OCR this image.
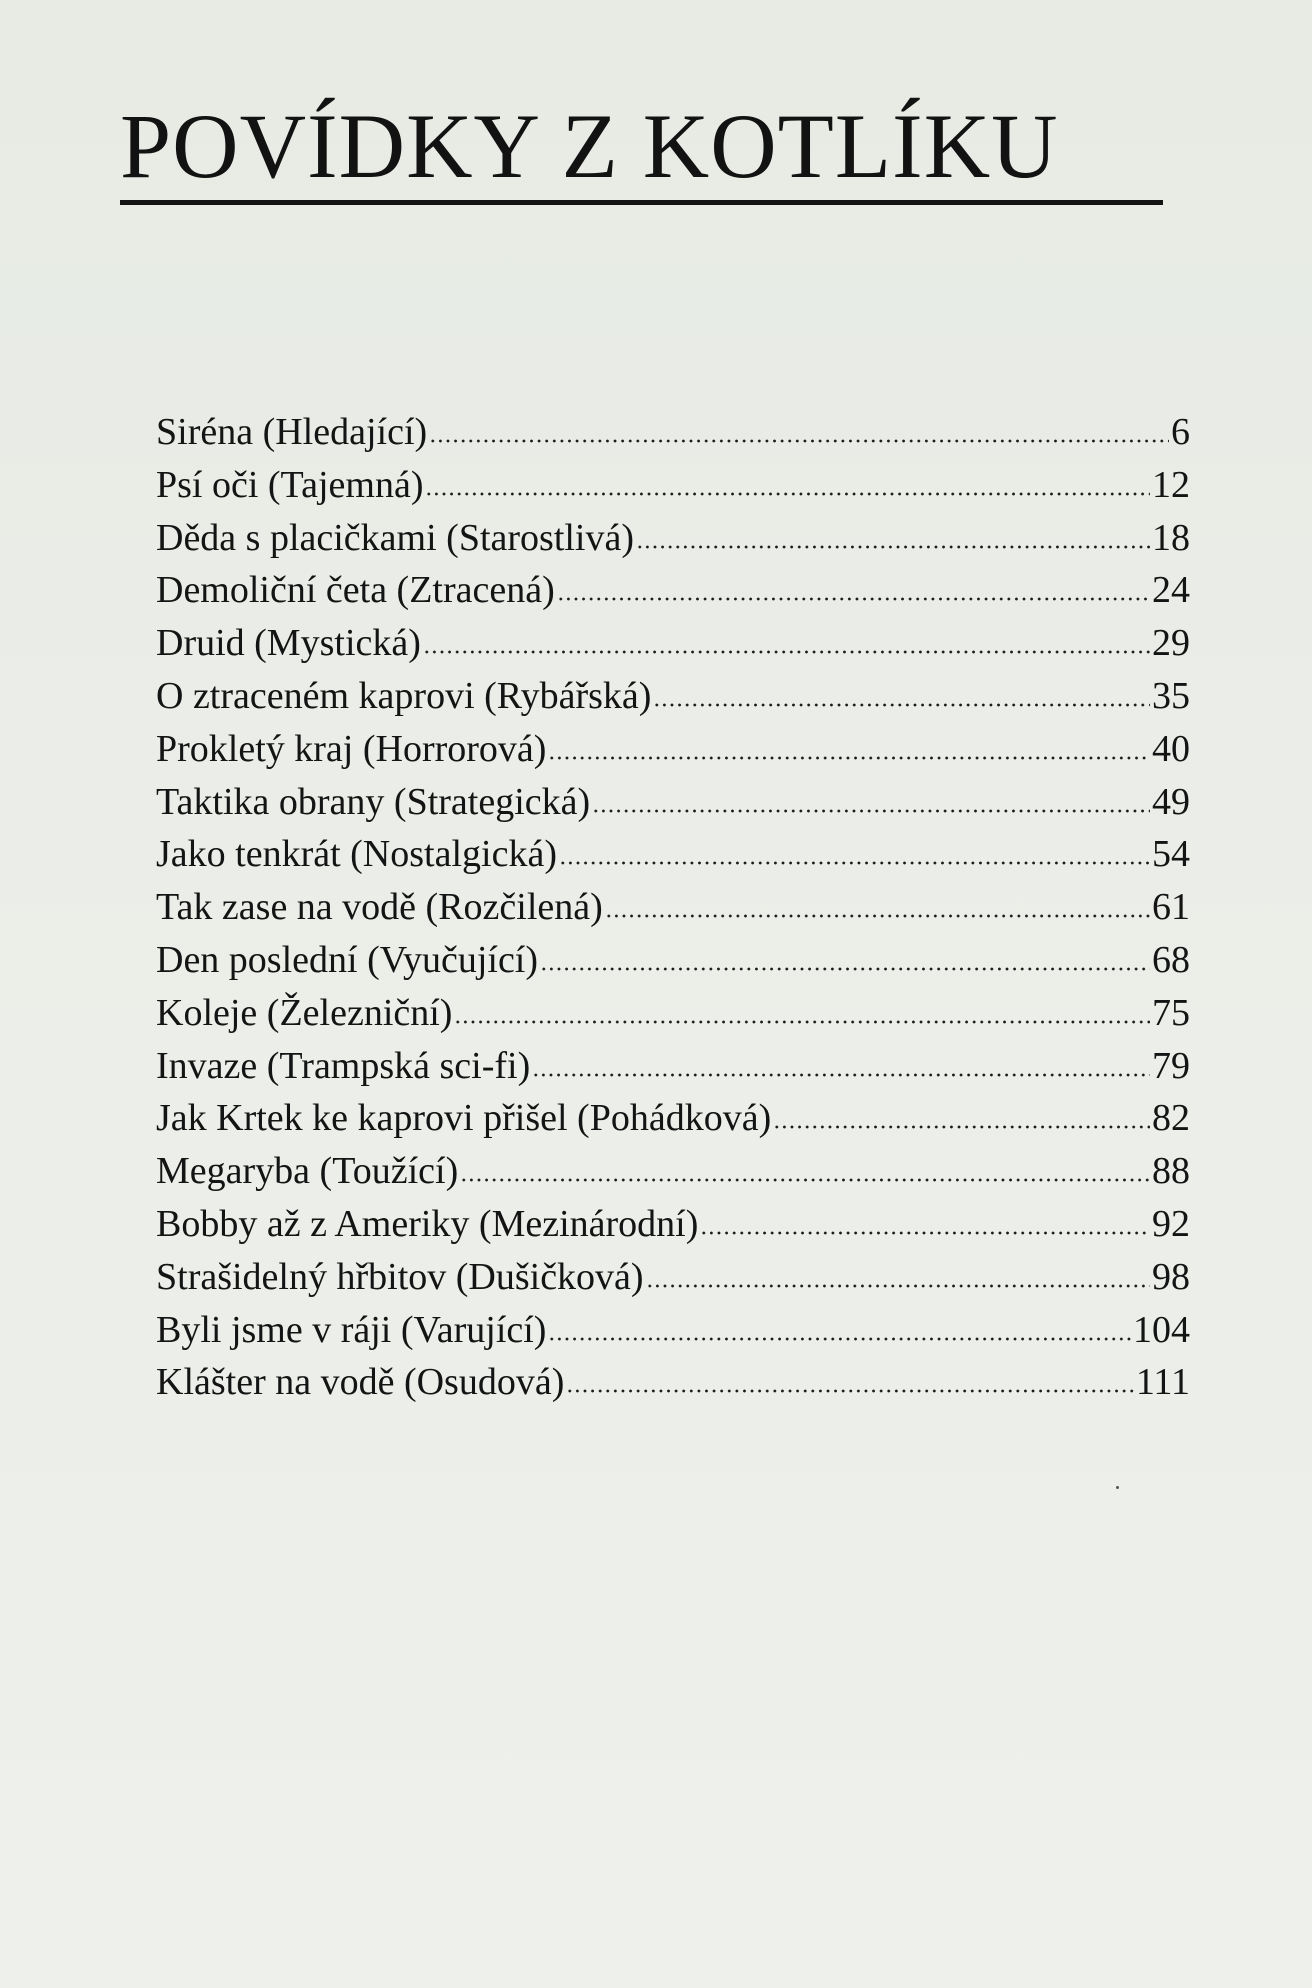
POVÍDKY Z KOTLÍKU
Siréna (Hledající)	6
Psí oči (Tajemná)	12
Děda s placičkami (Starostlivá)	18
Demoliční četa (Ztracená)	24
Druid (Mystická)	29
O ztraceném kaprovi (Rybářská)	35
Prokletý kraj (Horrorová)	40
Taktika obrany (Strategická)	49
Jako tenkrát (Nostalgická)	54
Tak zase na vodě (Rozčilená)	61
Den poslední (Vyučující)	68
Koleje (Železniční)	75
Invaze (Trampská sci-fi)	79
Jak Krtek ke kaprovi přišel (Pohádková)	82
Megaryba (Toužící)	88
Bobby až z Ameriky (Mezinárodní)	92
Strašidelný hřbitov (Dušičková)	98
Byli jsme v ráji (Varující)	104
Klášter na vodě (Osudová)	111
